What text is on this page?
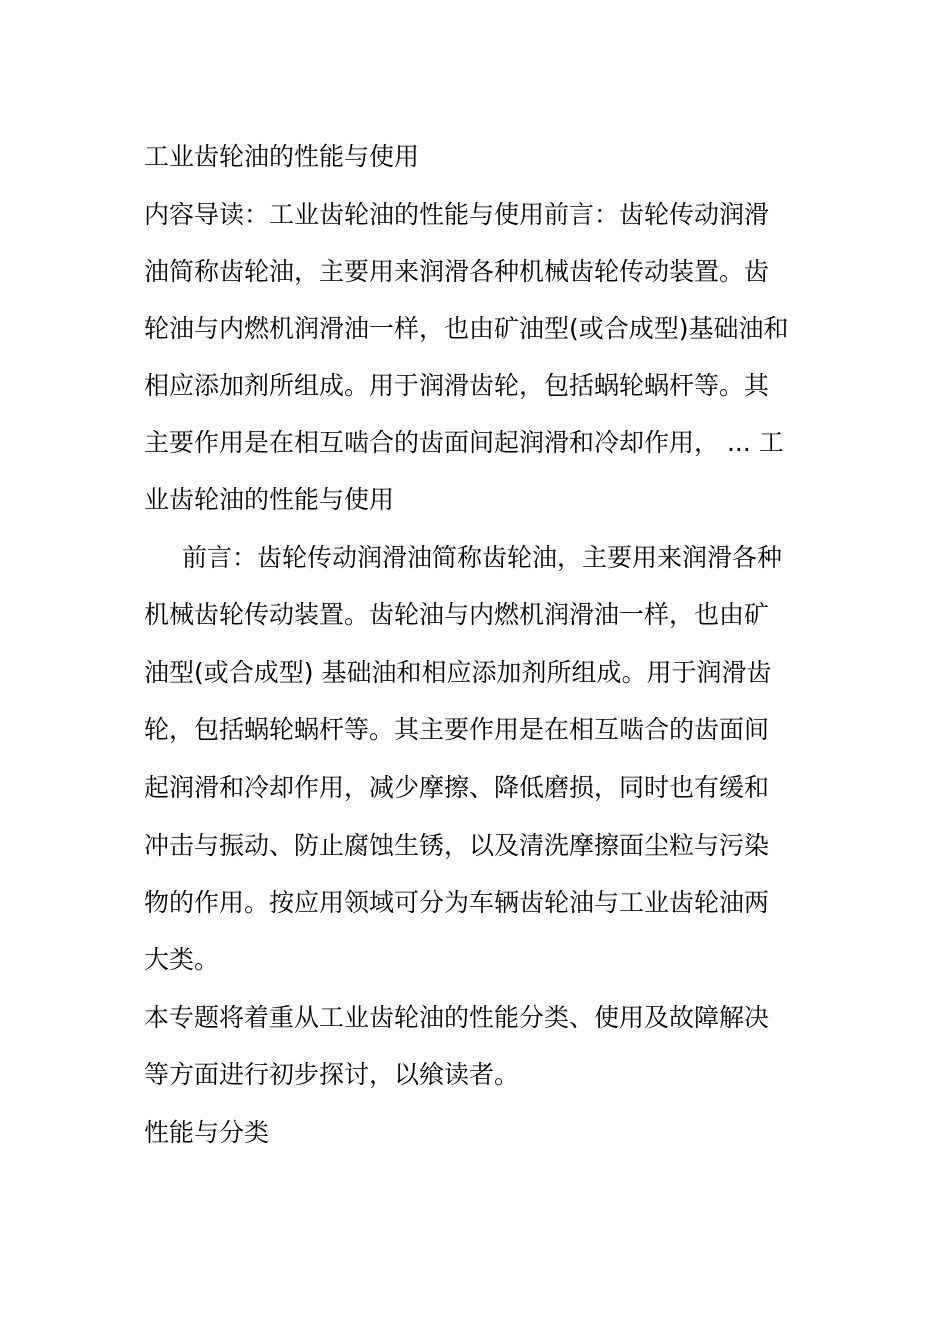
工业齿轮油的性能与使用
内容导读：工业齿轮油的性能与使用前言：齿轮传动润滑
油简称齿轮油，主要用来润滑各种机械齿轮传动装置。齿
轮油与内燃机润滑油一样，也由矿油型(或合成型)基础油和
相应添加剂所组成。用于润滑齿轮，包括蜗轮蜗杆等。其
主要作用是在相互啮合的齿面间起润滑和冷却作用， ... 工
业齿轮油的性能与使用
前言：齿轮传动润滑油简称齿轮油，主要用来润滑各种
机械齿轮传动装置。齿轮油与内燃机润滑油一样，也由矿
油型(或合成型) 基础油和相应添加剂所组成。用于润滑齿
轮，包括蜗轮蜗杆等。其主要作用是在相互啮合的齿面间
起润滑和冷却作用，减少摩擦、降低磨损，同时也有缓和
冲击与振动、防止腐蚀生锈，以及清洗摩擦面尘粒与污染
物的作用。按应用领域可分为车辆齿轮油与工业齿轮油两
大类。
本专题将着重从工业齿轮油的性能分类、使用及故障解决
等方面进行初步探讨，以飨读者。
性能与分类
